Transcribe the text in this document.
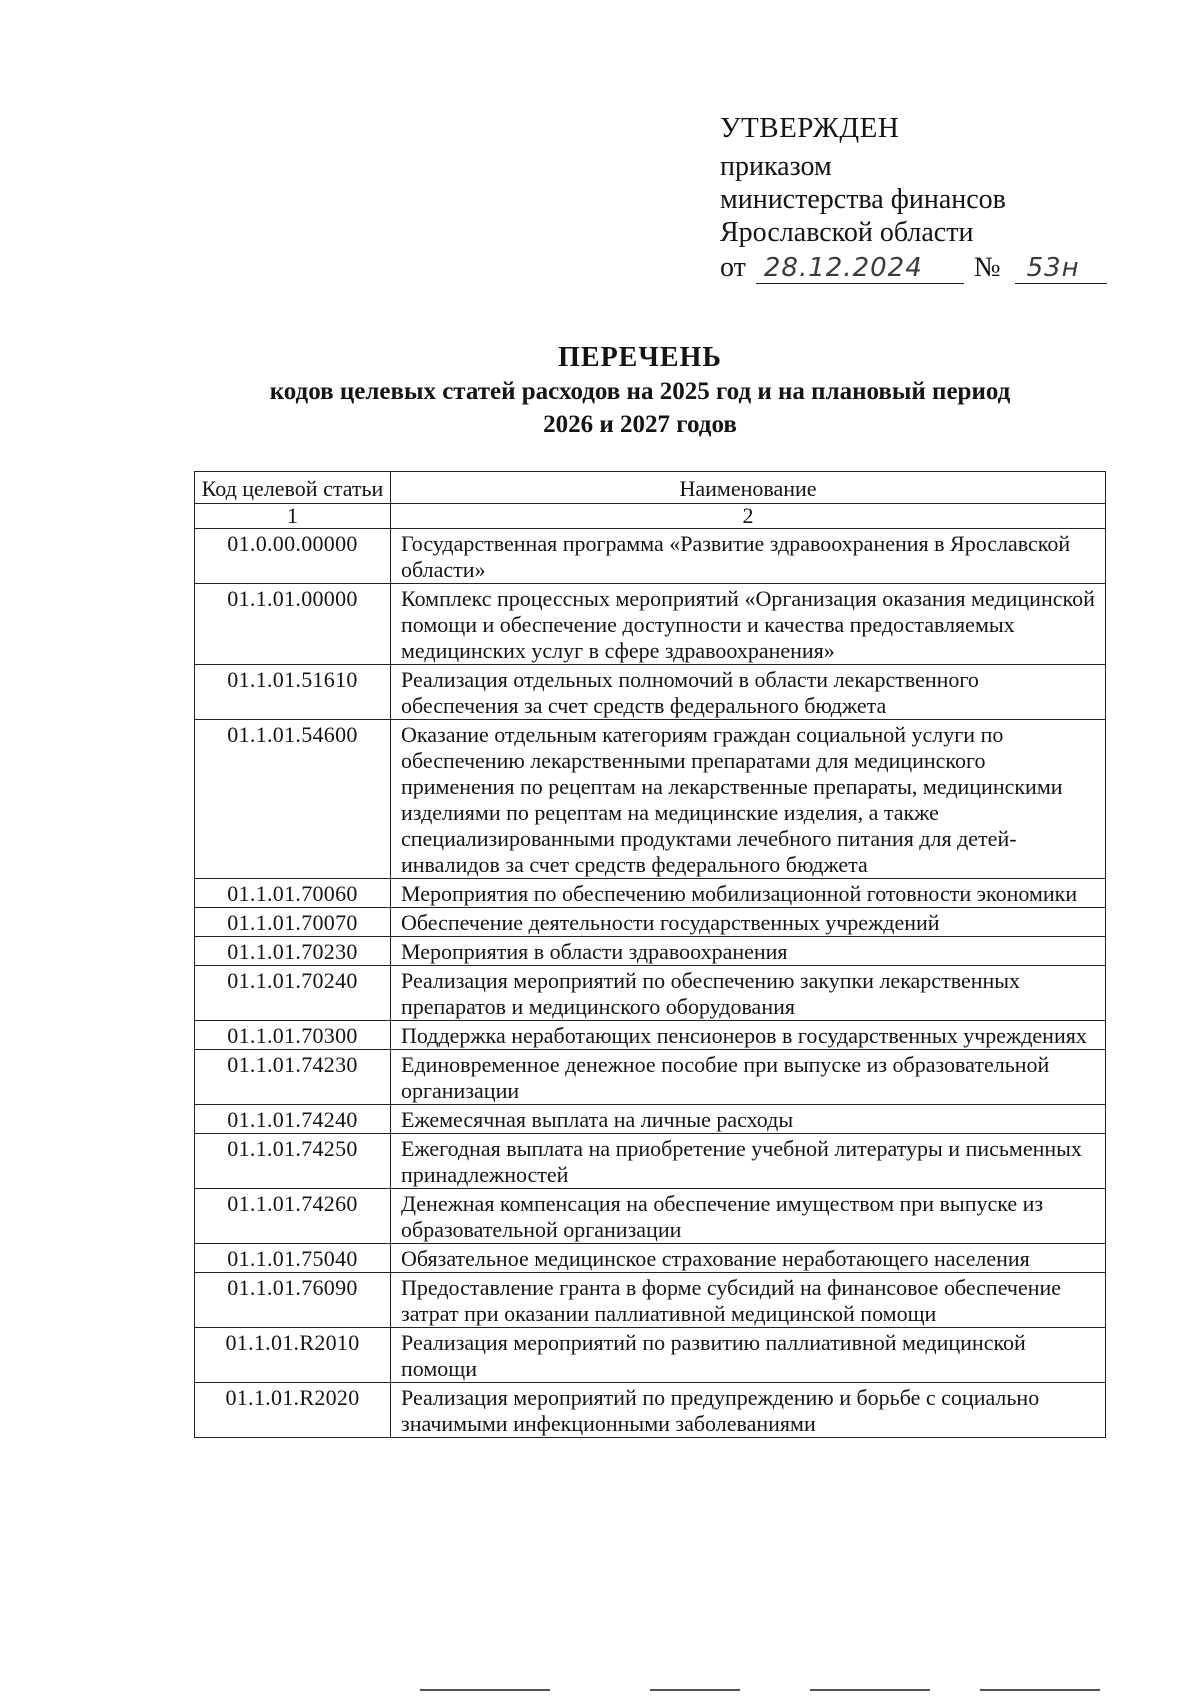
УТВЕРЖДЕН
приказом
министерства финансов
Ярославской области
от 28.12.2024	№	53н
ПЕРЕЧЕНЬ
кодов целевых статей расходов на 2025 год и на плановый период
2026 и 2027 годов
Код целевой статьи	Наименование
1	2
01.0.00.00000	Государственная программа «Развитие здравоохранения в Ярославской области»
01.1.01.00000	Комплекс процессных мероприятий «Организация оказания медицинской помощи и обеспечение доступности и качества предоставляемых медицинских услуг в сфере здравоохранения»
01.1.01.51610	Реализация отдельных полномочий в области лекарственного обеспечения за счет средств федерального бюджета
01.1.01.54600	Оказание отдельным категориям граждан социальной услуги по обеспечению лекарственными препаратами для медицинского применения по рецептам на лекарственные препараты, медицинскими изделиями по рецептам на медицинские изделия, а также специализированными продуктами лечебного питания для детей-инвалидов за счет средств федерального бюджета
01.1.01.70060	Мероприятия по обеспечению мобилизационной готовности экономики
01.1.01.70070	Обеспечение деятельности государственных учреждений
01.1.01.70230	Мероприятия в области здравоохранения
01.1.01.70240	Реализация мероприятий по обеспечению закупки лекарственных препаратов и медицинского оборудования
01.1.01.70300	Поддержка неработающих пенсионеров в государственных учреждениях
01.1.01.74230	Единовременное денежное пособие при выпуске из образовательной организации
01.1.01.74240	Ежемесячная выплата на личные расходы
01.1.01.74250	Ежегодная выплата на приобретение учебной литературы и письменных принадлежностей
01.1.01.74260	Денежная компенсация на обеспечение имуществом при выпуске из образовательной организации
01.1.01.75040	Обязательное медицинское страхование неработающего населения
01.1.01.76090	Предоставление гранта в форме субсидий на финансовое обеспечение затрат при оказании паллиативной медицинской помощи
01.1.01.R2010	Реализация мероприятий по развитию паллиативной медицинской помощи
01.1.01.R2020	Реализация мероприятий по предупреждению и борьбе с социально значимыми инфекционными заболеваниями
